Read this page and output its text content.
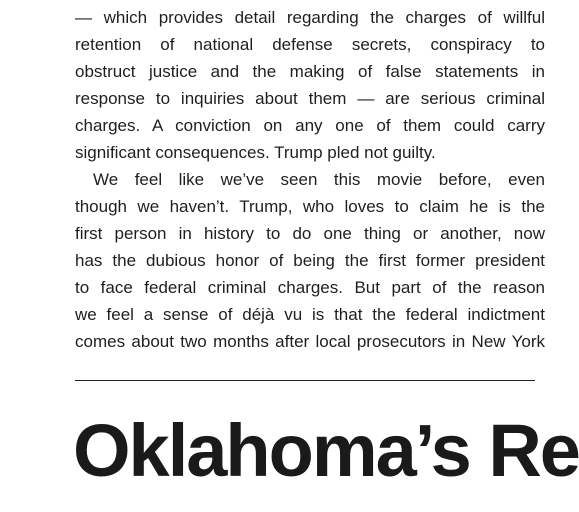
— which provides detail regarding the charges of willful
retention of national defense secrets, conspiracy to
obstruct justice and the making of false statements in
response to inquiries about them — are serious criminal
charges. A conviction on any one of them could carry
significant consequences. Trump pled not guilty.
We feel like we’ve seen this movie before, even
though we haven’t. Trump, who loves to claim he is the
first person in history to do one thing or another, now
has the dubious honor of being the first former president
to face federal criminal charges. But part of the reason
we feel a sense of déjà vu is that the federal indictment
comes about two months after local prosecutors in New York
Oklahoma’s Re
